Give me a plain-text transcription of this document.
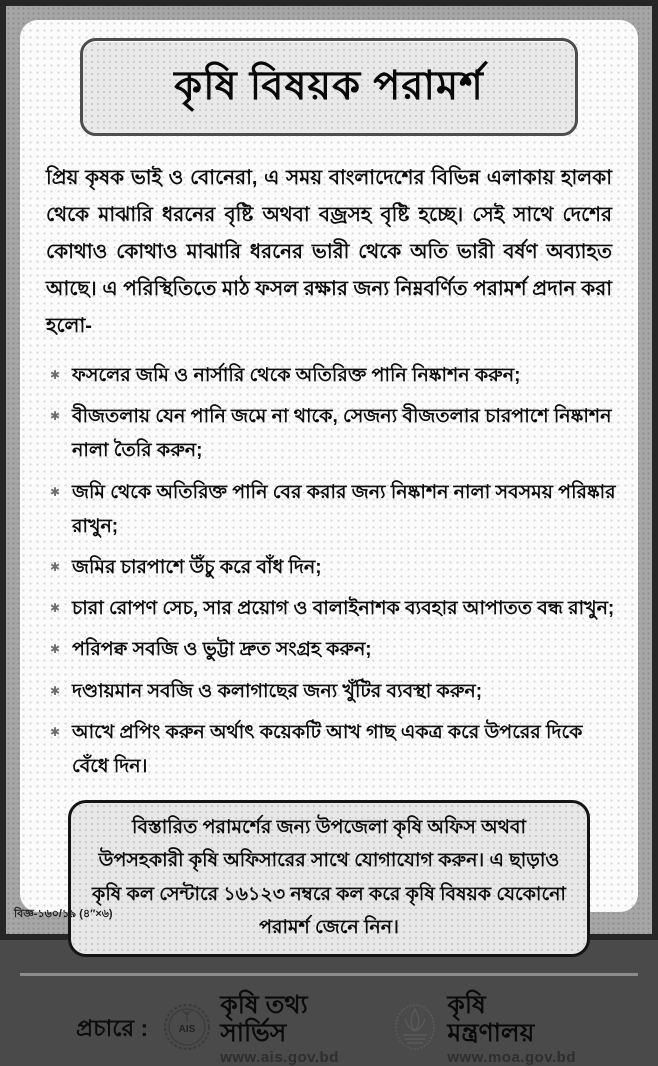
কৃষি বিষয়ক পরামর্শ

প্রিয় কৃষক ভাই ও বোনেরা, এ সময় বাংলাদেশের বিভিন্ন এলাকায় হালকা থেকে মাঝারি ধরনের বৃষ্টি অথবা বজ্রসহ বৃষ্টি হচ্ছে। সেই সাথে দেশের কোথাও কোথাও মাঝারি ধরনের ভারী থেকে অতি ভারী বর্ষণ অব্যাহত আছে। এ পরিস্থিতিতে মাঠ ফসল রক্ষার জন্য নিম্নবর্ণিত পরামর্শ প্রদান করা হলো-

✱ ফসলের জমি ও নার্সারি থেকে অতিরিক্ত পানি নিষ্কাশন করুন;
✱ বীজতলায় যেন পানি জমে না থাকে, সেজন্য বীজতলার চারপাশে নিষ্কাশন নালা তৈরি করুন;
✱ জমি থেকে অতিরিক্ত পানি বের করার জন্য নিষ্কাশন নালা সবসময় পরিষ্কার রাখুন;
✱ জমির চারপাশে উঁচু করে বাঁধ দিন;
✱ চারা রোপণ সেচ, সার প্রয়োগ ও বালাইনাশক ব্যবহার আপাতত বন্ধ রাখুন;
✱ পরিপক্ব সবজি ও ভুট্টা দ্রুত সংগ্রহ করুন;
✱ দণ্ডায়মান সবজি ও কলাগাছের জন্য খুঁটির ব্যবস্থা করুন;
✱ আখে প্রপিং করুন অর্থাৎ কয়েকটি আখ গাছ একত্র করে উপরের দিকে বেঁধে দিন।

বিস্তারিত পরামর্শের জন্য উপজেলা কৃষি অফিস অথবা উপসহকারী কৃষি অফিসারের সাথে যোগাযোগ করুন। এ ছাড়াও কৃষি কল সেন্টারে ১৬১২৩ নম্বরে কল করে কৃষি বিষয়ক যেকোনো পরামর্শ জেনে নিন।

প্রচারে :	AIS
কৃষি তথ্য সার্ভিস
www.ais.gov.bd
কৃষি মন্ত্রণালয়
www.moa.gov.bd
বিজ্ঞ-১৬০/১৯ (৪″×৬)
